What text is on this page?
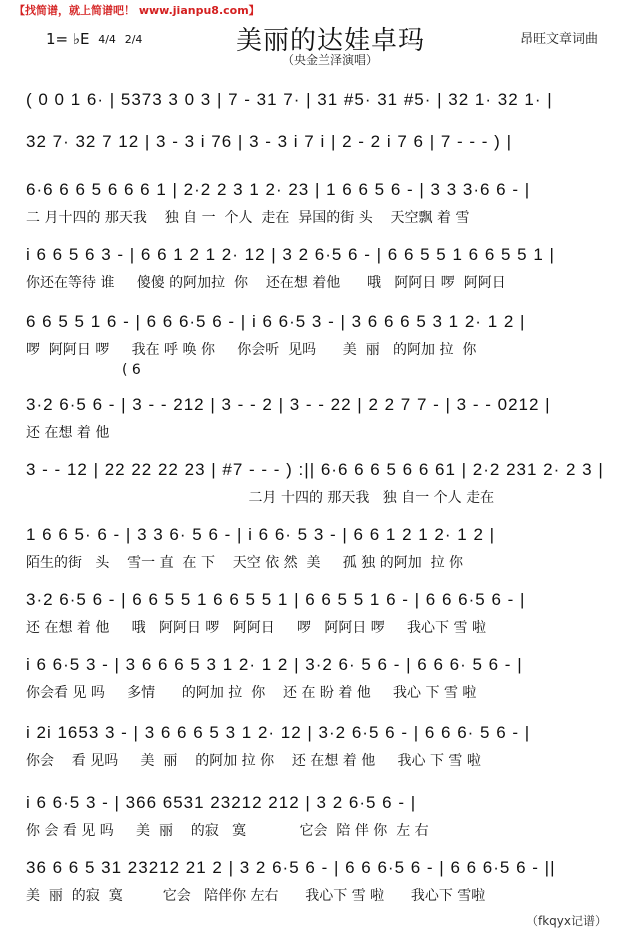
【找简谱，就上简谱吧！ www.jianpu8.com】
1= ♭E 4/4 2/4	美丽的达娃卓玛
（央金兰泽演唱）
昂旺文章词曲
( 0 0 1 6· | 5373 3 0 3 | 7 - 31 7· | 31 #5· 31 #5· | 32 1· 32 1· |
32 7· 32 7 12 | 3 - 3 i 76 | 3 - 3 i 7 i | 2 - 2 i 7 6 | 7 - - - ) |
6·6 6 6 5 6 6 6 1 | 2·2 2 3 1 2· 23 | 1 6 6 5 6 - | 3 3 3·6 6 - |
二 月十四的 那天我    独 自 一  个人  走在  异国的街 头    天空飘 着 雪
i 6 6 5 6 3 - | 6 6 1 2 1 2· 12 | 3 2 6·5 6 - | 6 6 5 5 1 6 6 5 5 1 |
你还在等待 谁     傻傻 的阿加拉  你    还在想 着他      哦   阿阿日 啰  阿阿日
6 6 5 5 1 6 - | 6 6 6·5 6 - | i 6 6·5 3 - | 3 6 6 6 5 3 1 2· 1 2 |
啰  阿阿日 啰     我在 呼 唤 你     你会听  见吗      美  丽   的阿加 拉  你
( 6
3·2 6·5 6 - | 3 - - 212 | 3 - - 2 | 3 - - 22 | 2 2 7 7 - | 3 - - 0212 |
还 在想 着 他
3 - - 12 | 22 22 22 23 | #7 - - - ) :|| 6·6 6 6 5 6 6 61 | 2·2 231 2· 2 3 |
二月 十四的 那天我   独 自一 个人 走在
1 6 6 5· 6 - | 3 3 6· 5 6 - | i 6 6· 5 3 - | 6 6 1 2 1 2· 1 2 |
陌生的街   头    雪一 直  在 下    天空 依 然  美     孤 独 的阿加  拉 你
3·2 6·5 6 - | 6 6 5 5 1 6 6 5 5 1 | 6 6 5 5 1 6 - | 6 6 6·5 6 - |
还 在想 着 他     哦   阿阿日 啰   阿阿日     啰   阿阿日 啰     我心下 雪 啦
i 6 6·5 3 - | 3 6 6 6 5 3 1 2· 1 2 | 3·2 6· 5 6 - | 6 6 6· 5 6 - |
你会看 见 吗     多情      的阿加 拉  你    还 在 盼 着 他     我心 下 雪 啦
i 2i 1653 3 - | 3 6 6 6 5 3 1 2· 12 | 3·2 6·5 6 - | 6 6 6· 5 6 - |
你会    看 见吗     美  丽    的阿加 拉 你    还 在想 着 他     我心 下 雪 啦
i 6 6·5 3 - | 366 6531 23212 212 | 3 2 6·5 6 - |
你 会 看 见 吗     美  丽    的寂   寞            它会  陪 伴 你  左 右
36 6 6 5 31 23212 21 2 | 3 2 6·5 6 - | 6 6 6·5 6 - | 6 6 6·5 6 - ||
美  丽  的寂  寞         它会   陪伴你 左右      我心下 雪 啦      我心下 雪啦
（fkqyx记谱）
